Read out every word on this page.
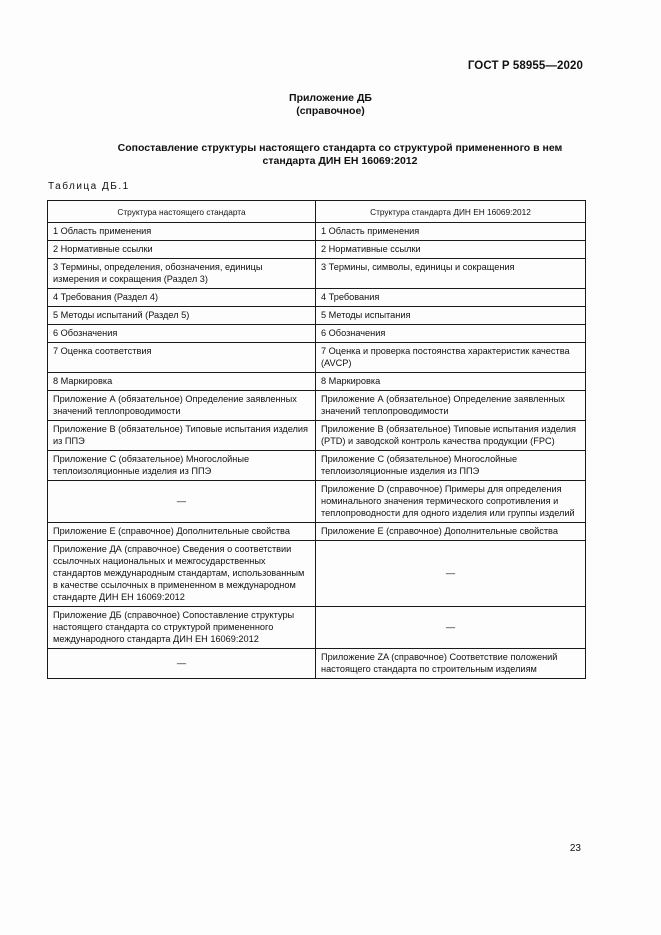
ГОСТ Р 58955—2020
Приложение ДБ
(справочное)
Сопоставление структуры настоящего стандарта со структурой примененного в нем
стандарта ДИН ЕН 16069:2012
Таблица ДБ.1
Структура настоящего стандарта	Структура стандарта ДИН ЕН 16069:2012
1 Область применения	1 Область применения
2 Нормативные ссылки	2 Нормативные ссылки
3 Термины, определения, обозначения, единицы измерения и сокращения (Раздел 3)	3 Термины, символы, единицы и сокращения
4 Требования (Раздел 4)	4 Требования
5 Методы испытаний (Раздел 5)	5 Методы испытания
6 Обозначения	6 Обозначения
7 Оценка соответствия	7 Оценка и проверка постоянства характеристик качества (AVCP)
8 Маркировка	8 Маркировка
Приложение А (обязательное) Определение заявленных значений теплопроводимости	Приложение А (обязательное) Определение заявленных значений теплопроводимости
Приложение В (обязательное) Типовые испытания изделия из ППЭ	Приложение В (обязательное) Типовые испытания изделия (PTD) и заводской контроль качества продукции (FPC)
Приложение С (обязательное) Многослойные теплоизоляционные изделия из ППЭ	Приложение С (обязательное) Многослойные теплоизоляционные изделия из ППЭ
—	Приложение D (справочное) Примеры для определения номинального значения термического сопротивления и теплопроводности для одного изделия или группы изделий
Приложение Е (справочное) Дополнительные свойства	Приложение Е (справочное) Дополнительные свойства
Приложение ДА (справочное) Сведения о соответствии ссылочных национальных и межгосударственных стандартов международным стандартам, использованным в качестве ссылочных в примененном в международном стандарте ДИН ЕН 16069:2012	—
Приложение ДБ (справочное) Сопоставление структуры настоящего стандарта со структурой примененного международного стандарта ДИН ЕН 16069:2012	—
—	Приложение ZA (справочное) Соответствие положений настоящего стандарта по строительным изделиям
23
